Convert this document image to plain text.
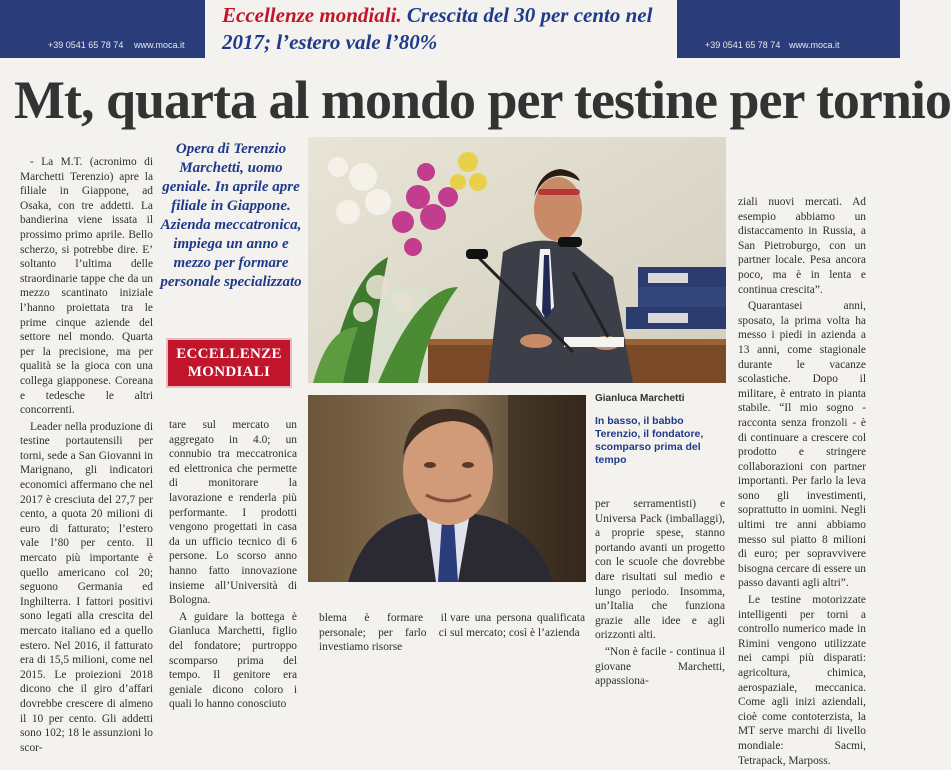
+39 0541 65 78 74 www.moca.it	+39 0541 65 78 74 www.moca.it
Eccellenze mondiali. Crescita del 30 per cento nel 2017; l’estero vale l’80%
Mt, quarta al mondo per testine per tornio

- La M.T. (acronimo di Marchetti Terenzio) apre la filiale in Giappone, ad Osaka, con tre addetti. La bandierina viene issata il prossimo primo aprile. Bello scherzo, si potrebbe dire. E’ soltanto l’ultima delle straordinarie tappe che da un mezzo scantinato iniziale l’hanno proiettata tra le prime cinque aziende del settore nel mondo. Quarta per la precisione, ma per qualità se la gioca con una collega giapponese. Coreana e tedesche le altri concorrenti.

Leader nella produzione di testine portautensili per torni, sede a San Giovanni in Marignano, gli indicatori economici affermano che nel 2017 è cresciuta del 27,7 per cento, a quota 20 milioni di euro di fatturato; l’estero vale l’80 per cento. Il mercato più importante è quello americano col 20; seguono Germania ed Inghilterra. I fattori positivi sono legati alla crescita del mercato italiano ed a quello estero. Nel 2016, il fatturato era di 15,5 milioni, come nel 2015. Le proiezioni 2018 dicono che il giro d’affari dovrebbe crescere di almeno il 10 per cento. Gli addetti sono 102; 18 le assunzioni lo scor-

Opera di Terenzio Marchetti, uomo geniale. In aprile apre filiale in Giappone. Azienda meccatronica, impiega un anno e mezzo per formare personale specializzato
ECCELLENZE MONDIALI

tare sul mercato un aggregato in 4.0; un connubio tra meccatronica ed elettronica che permette di monitorare la lavorazione e renderla più performante. I prodotti vengono progettati in casa da un ufficio tecnico di 6 persone. Lo scorso anno hanno fatto innovazione insieme all’Università di Bologna.

A guidare la bottega è Gianluca Marchetti, figlio del fondatore; purtroppo scomparso prima del tempo. Il genitore era geniale dicono coloro i quali lo hanno conosciuto

Gianluca Marchetti
In basso, il babbo Terenzio, il fondatore, scomparso prima del tempo

blema è formare il personale; per farlo ci investiamo risorse

vare una persona qualificata sul mercato; così è l’azienda

per serramentisti) e Universa Pack (imballaggi), a proprie spese, stanno portando avanti un progetto con le scuole che dovrebbe dare risultati sul medio e lungo periodo. Insomma, un’Italia che funziona grazie alle idee e agli orizzonti alti.

“Non è facile - continua il giovane Marchetti, appassiona-

ziali nuovi mercati. Ad esempio abbiamo un distaccamento in Russia, a San Pietroburgo, con un partner locale. Pesa ancora poco, ma è in lenta e continua crescita”.

Quarantasei anni, sposato, la prima volta ha messo i piedi in azienda a 13 anni, come stagionale durante le vacanze scolastiche. Dopo il militare, è entrato in pianta stabile. “Il mio sogno - racconta senza fronzoli - è di continuare a crescere col prodotto e stringere collaborazioni con partner importanti. Per farlo la leva sono gli investimenti, soprattutto in uomini. Negli ultimi tre anni abbiamo messo sul piatto 8 milioni di euro; per sopravvivere bisogna cercare di essere un passo davanti agli altri”.

Le testine motorizzate intelligenti per torni a controllo numerico made in Rimini vengono utilizzate nei campi più disparati: agricoltura, chimica, aerospaziale, meccanica. Come agli inizi aziendali, cioè come contoterzista, la MT serve marchi di livello mondiale: Sacmi, Tetrapack, Marposs.
